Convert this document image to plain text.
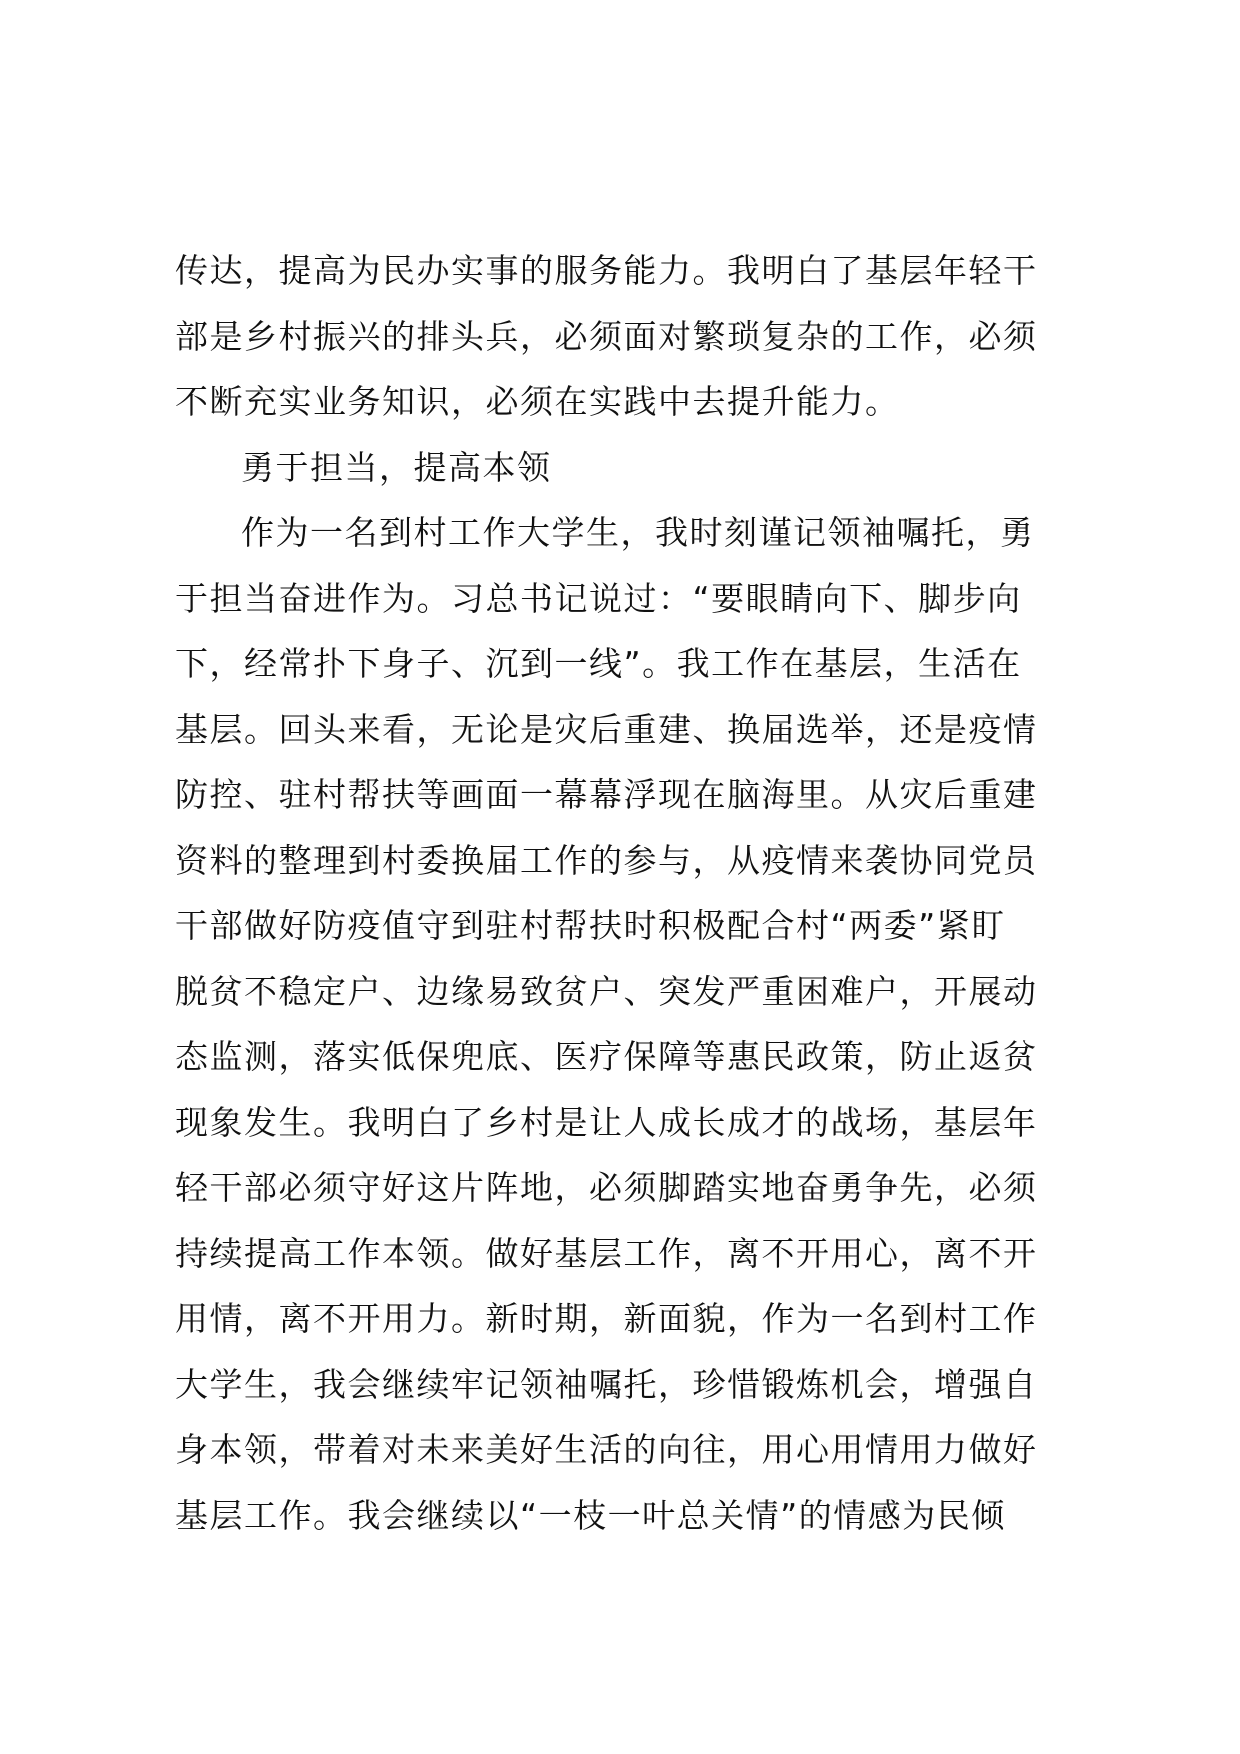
传达，提高为民办实事的服务能力。我明白了基层年轻干
部是乡村振兴的排头兵，必须面对繁琐复杂的工作，必须
不断充实业务知识，必须在实践中去提升能力。
勇于担当，提高本领
作为一名到村工作大学生，我时刻谨记领袖嘱托，勇
于担当奋进作为。习总书记说过：“要眼睛向下、脚步向
下，经常扑下身子、沉到一线”。我工作在基层，生活在
基层。回头来看，无论是灾后重建、换届选举，还是疫情
防控、驻村帮扶等画面一幕幕浮现在脑海里。从灾后重建
资料的整理到村委换届工作的参与，从疫情来袭协同党员
干部做好防疫值守到驻村帮扶时积极配合村“两委”紧盯
脱贫不稳定户、边缘易致贫户、突发严重困难户，开展动
态监测，落实低保兜底、医疗保障等惠民政策，防止返贫
现象发生。我明白了乡村是让人成长成才的战场，基层年
轻干部必须守好这片阵地，必须脚踏实地奋勇争先，必须
持续提高工作本领。做好基层工作，离不开用心，离不开
用情，离不开用力。新时期，新面貌，作为一名到村工作
大学生，我会继续牢记领袖嘱托，珍惜锻炼机会，增强自
身本领，带着对未来美好生活的向往，用心用情用力做好
基层工作。我会继续以“一枝一叶总关情”的情感为民倾
